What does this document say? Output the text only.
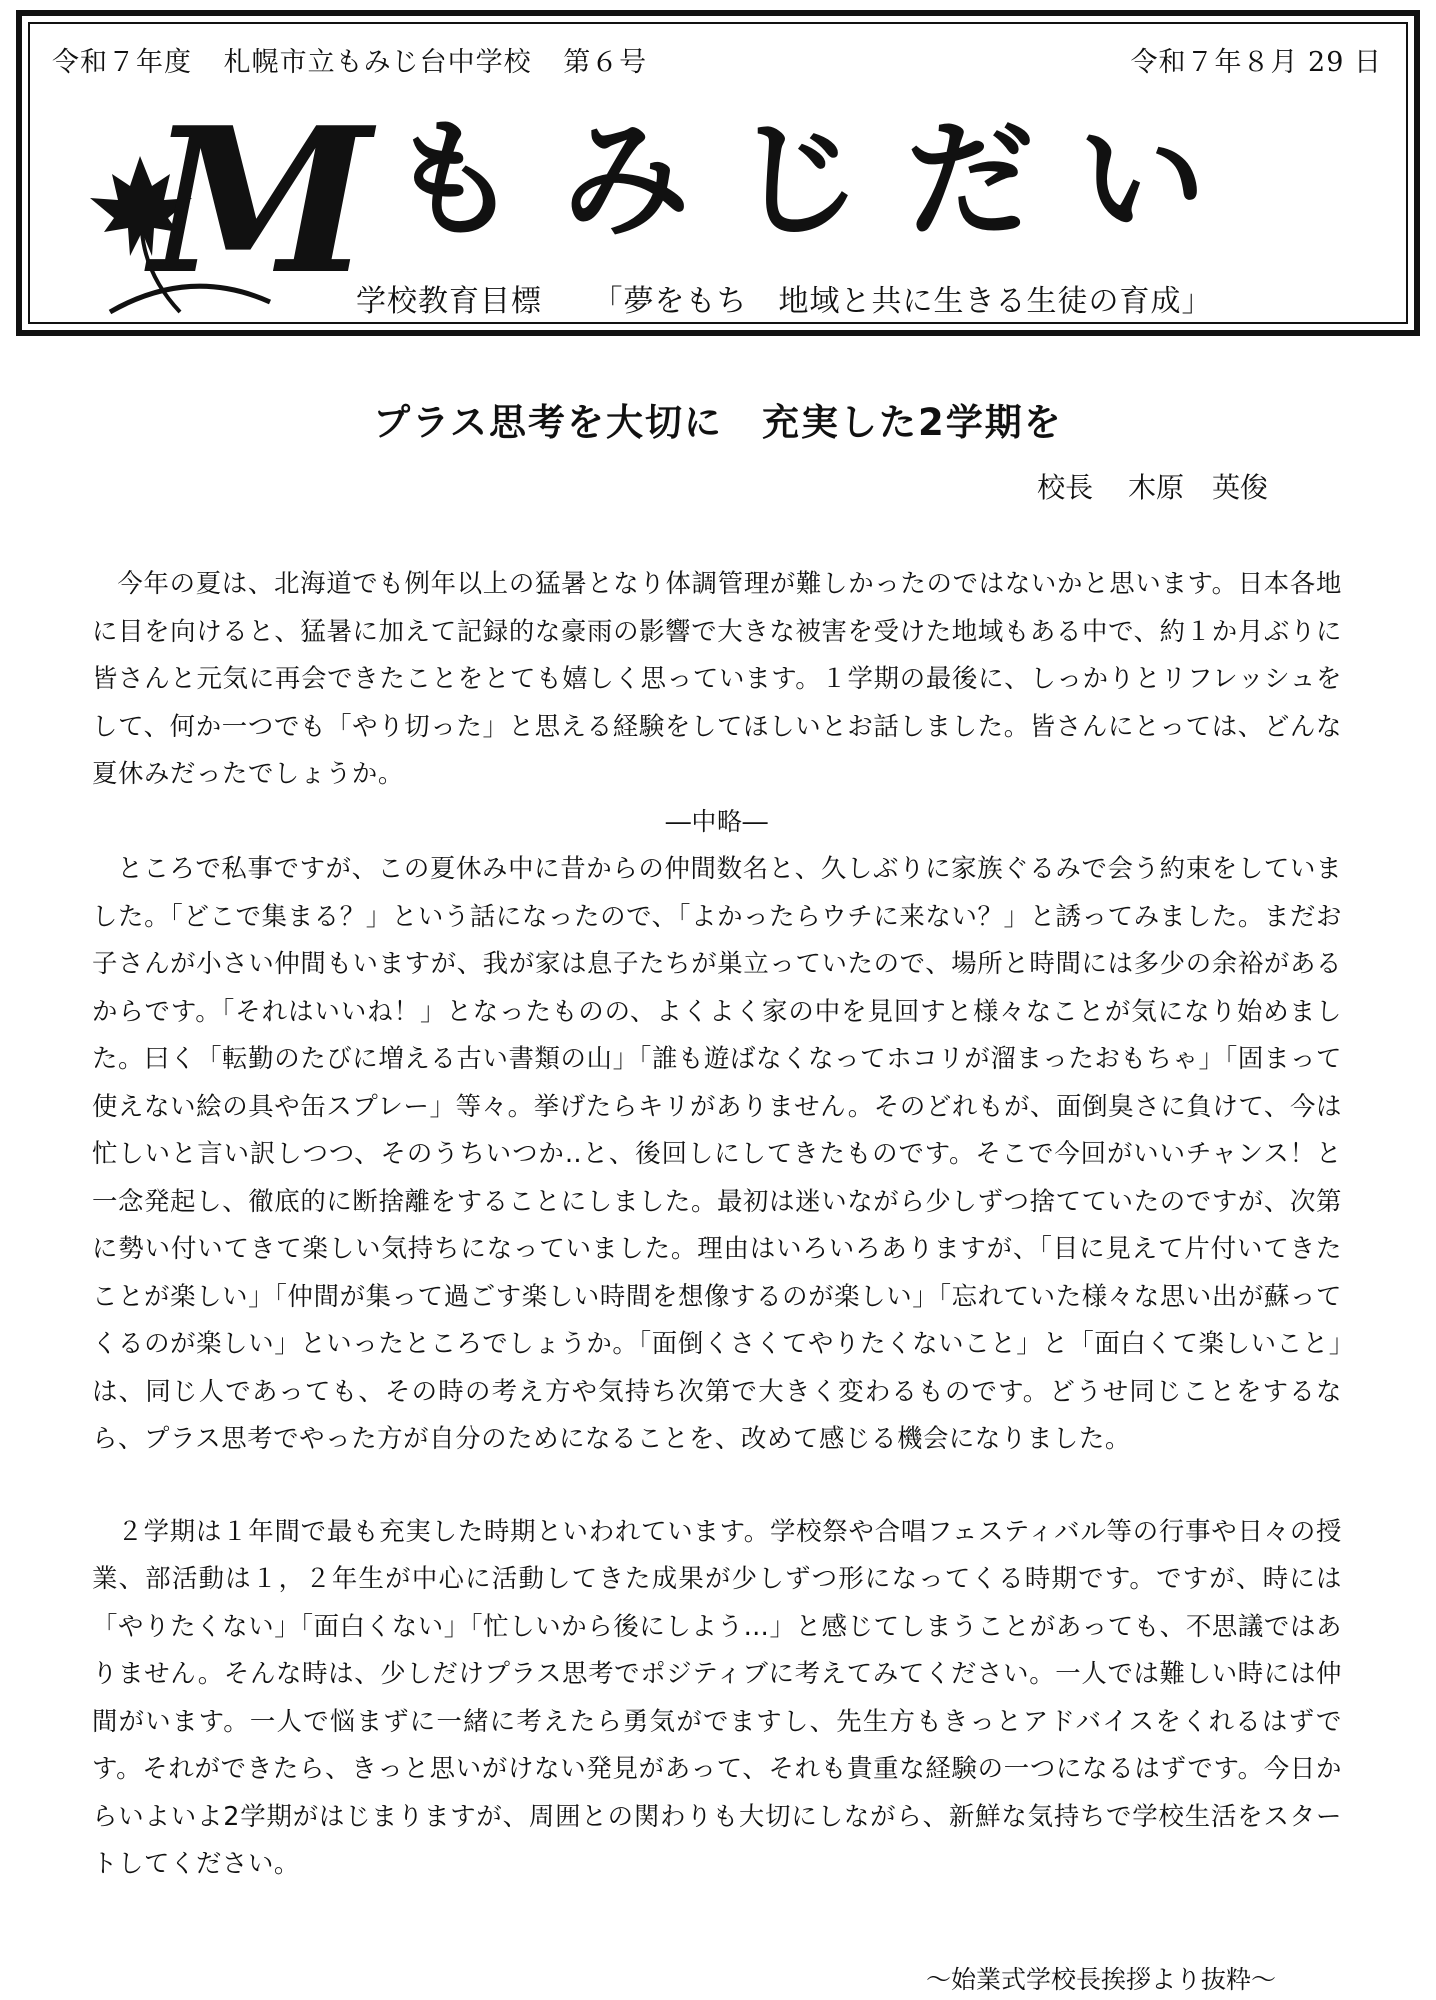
令和７年度 札幌市立もみじ台中学校 第６号	令和７年８月 29 日
M もみじだい
学校教育目標 「夢をもち　地域と共に生きる生徒の育成」
プラス思考を大切に　充実した2学期を
校長 木原　英俊

今年の夏は、北海道でも例年以上の猛暑となり体調管理が難しかったのではないかと思います。日本各地に目を向けると、猛暑に加えて記録的な豪雨の影響で大きな被害を受けた地域もある中で、約１か月ぶりに皆さんと元気に再会できたことをとても嬉しく思っています。１学期の最後に、しっかりとリフレッシュをして、何か一つでも「やり切った」と思える経験をしてほしいとお話しました。皆さんにとっては、どんな夏休みだったでしょうか。

―中略―

ところで私事ですが、この夏休み中に昔からの仲間数名と、久しぶりに家族ぐるみで会う約束をしていました。「どこで集まる？」という話になったので、「よかったらウチに来ない？」と誘ってみました。まだお子さんが小さい仲間もいますが、我が家は息子たちが巣立っていたので、場所と時間には多少の余裕があるからです。「それはいいね！」となったものの、よくよく家の中を見回すと様々なことが気になり始めました。曰く「転勤のたびに増える古い書類の山」「誰も遊ばなくなってホコリが溜まったおもちゃ」「固まって使えない絵の具や缶スプレー」等々。挙げたらキリがありません。そのどれもが、面倒臭さに負けて、今は忙しいと言い訳しつつ、そのうちいつか‥と、後回しにしてきたものです。そこで今回がいいチャンス！と一念発起し、徹底的に断捨離をすることにしました。最初は迷いながら少しずつ捨てていたのですが、次第に勢い付いてきて楽しい気持ちになっていました。理由はいろいろありますが、「目に見えて片付いてきたことが楽しい」「仲間が集って過ごす楽しい時間を想像するのが楽しい」「忘れていた様々な思い出が蘇ってくるのが楽しい」といったところでしょうか。「面倒くさくてやりたくないこと」と「面白くて楽しいこと」は、同じ人であっても、その時の考え方や気持ち次第で大きく変わるものです。どうせ同じことをするなら、プラス思考でやった方が自分のためになることを、改めて感じる機会になりました。

２学期は１年間で最も充実した時期といわれています。学校祭や合唱フェスティバル等の行事や日々の授業、部活動は１，２年生が中心に活動してきた成果が少しずつ形になってくる時期です。ですが、時には「やりたくない」「面白くない」「忙しいから後にしよう…」と感じてしまうことがあっても、不思議ではありません。そんな時は、少しだけプラス思考でポジティブに考えてみてください。一人では難しい時には仲間がいます。一人で悩まずに一緒に考えたら勇気がでますし、先生方もきっとアドバイスをくれるはずです。それができたら、きっと思いがけない発見があって、それも貴重な経験の一つになるはずです。今日からいよいよ2学期がはじまりますが、周囲との関わりも大切にしながら、新鮮な気持ちで学校生活をスタートしてください。

～始業式学校長挨拶より抜粋～
